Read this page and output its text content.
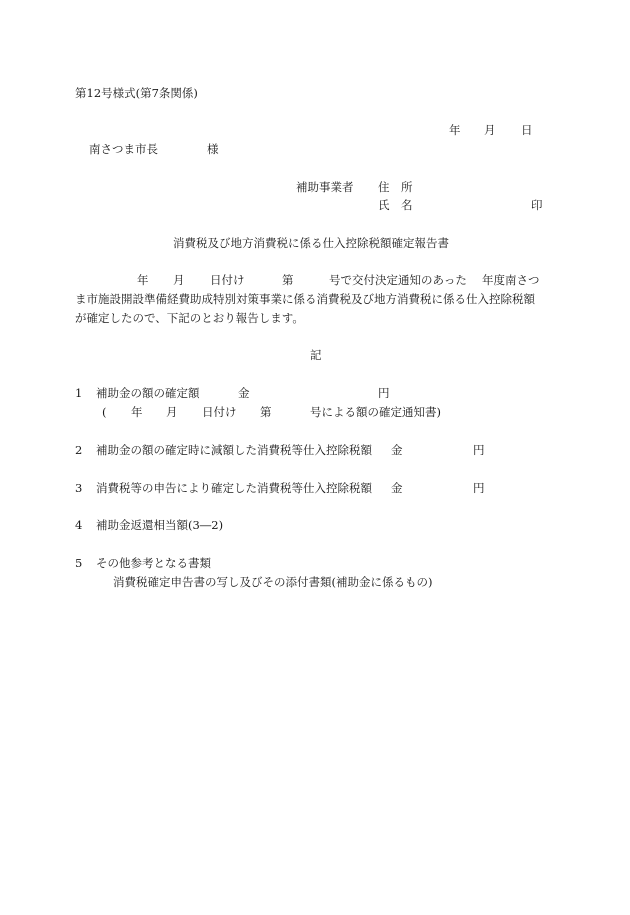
第12号様式(第7条関係)
年 月 日
南さつま市長	様
補助事業者 住　所
氏　名	印
消費税及び地方消費税に係る仕入控除税額確定報告書
年 月 日付け	第	号で交付決定通知のあった 年度南さつ
ま市施設開設準備経費助成特別対策事業に係る消費税及び地方消費税に係る仕入控除税額
が確定したので、下記のとおり報告します。
記
1 補助金の額の確定額	金	円
( 年 月 日付け 第	号による額の確定通知書)
2 補助金の額の確定時に減額した消費税等仕入控除税額 金	円
3 消費税等の申告により確定した消費税等仕入控除税額 金	円
4 補助金返還相当額(3―2)
5 その他参考となる書類
消費税確定申告書の写し及びその添付書類(補助金に係るもの)
